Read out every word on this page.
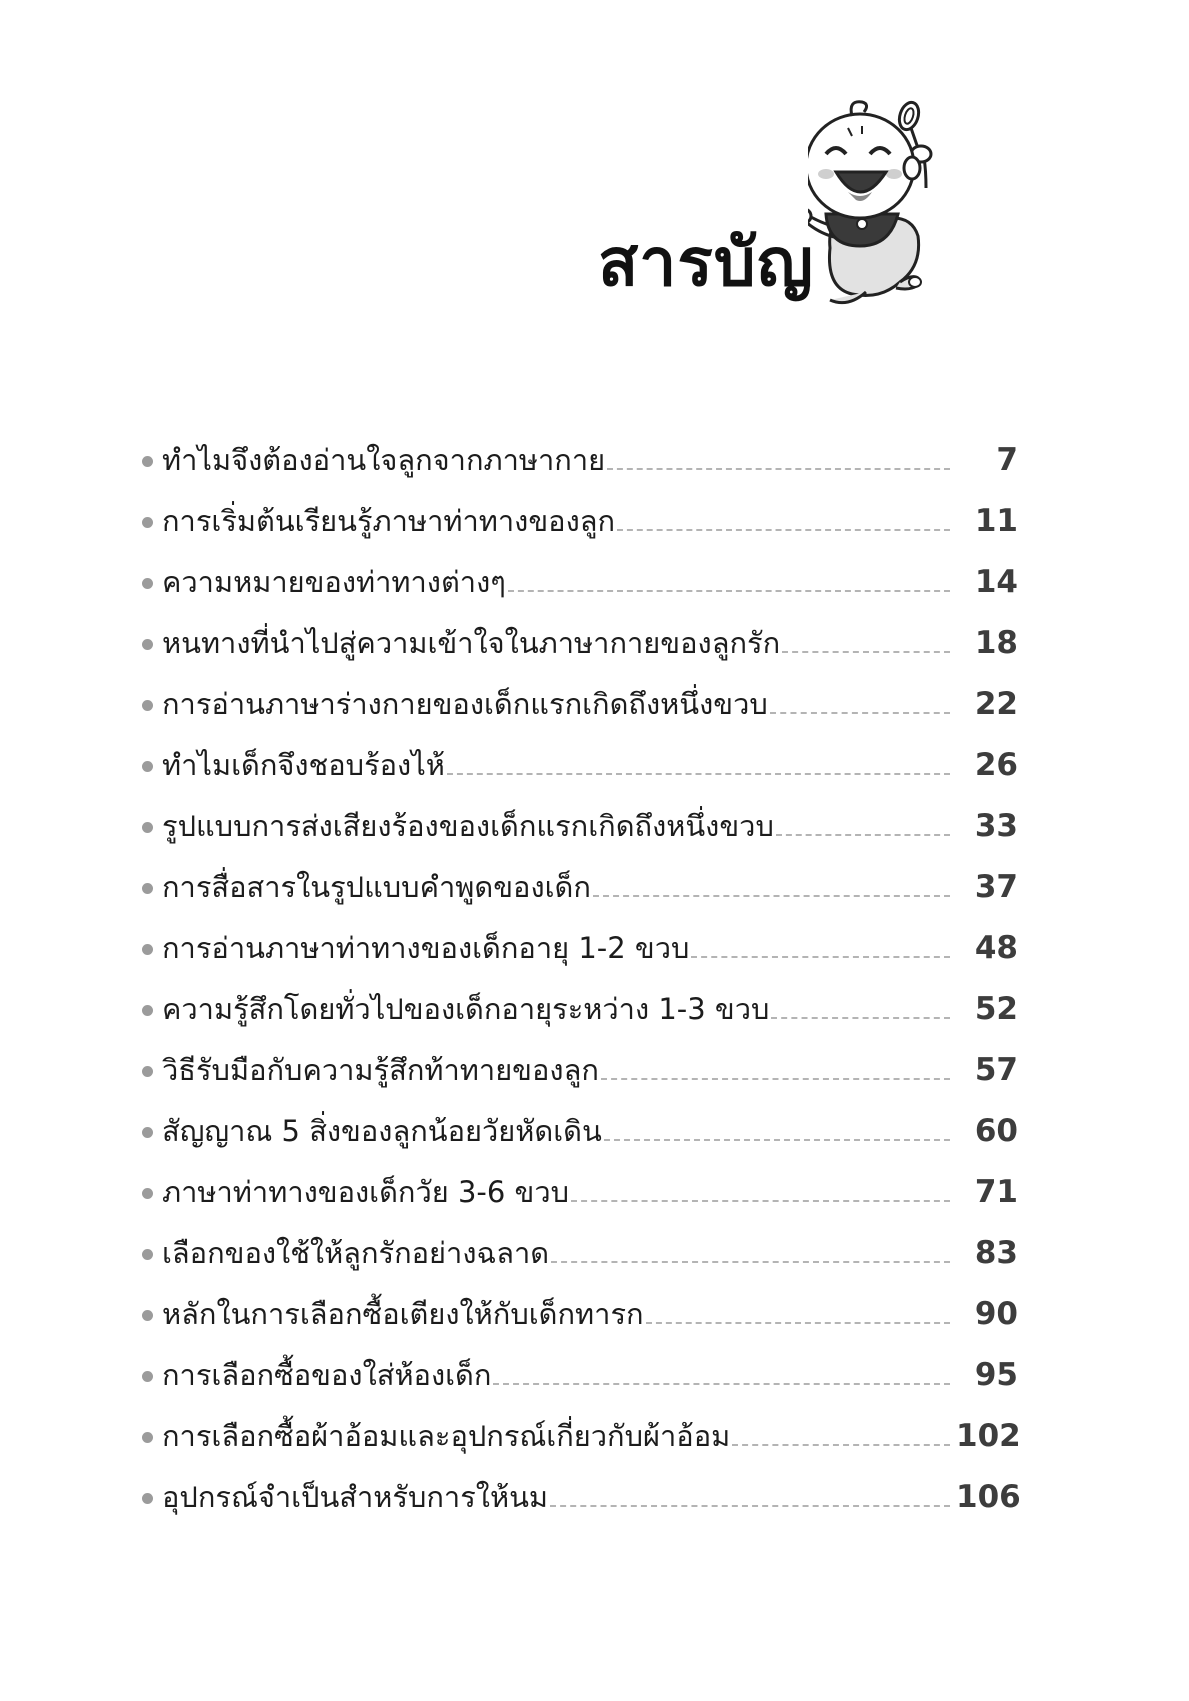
สารบัญ
ทำไมจึงต้องอ่านใจลูกจากภาษากาย	7
การเริ่มต้นเรียนรู้ภาษาท่าทางของลูก	11
ความหมายของท่าทางต่างๆ	14
หนทางที่นำไปสู่ความเข้าใจในภาษากายของลูกรัก	18
การอ่านภาษาร่างกายของเด็กแรกเกิดถึงหนึ่งขวบ	22
ทำไมเด็กจึงชอบร้องไห้	26
รูปแบบการส่งเสียงร้องของเด็กแรกเกิดถึงหนึ่งขวบ	33
การสื่อสารในรูปแบบคำพูดของเด็ก	37
การอ่านภาษาท่าทางของเด็กอายุ 1-2 ขวบ	48
ความรู้สึกโดยทั่วไปของเด็กอายุระหว่าง 1-3 ขวบ	52
วิธีรับมือกับความรู้สึกท้าทายของลูก	57
สัญญาณ 5 สิ่งของลูกน้อยวัยหัดเดิน	60
ภาษาท่าทางของเด็กวัย 3-6 ขวบ	71
เลือกของใช้ให้ลูกรักอย่างฉลาด	83
หลักในการเลือกซื้อเตียงให้กับเด็กทารก	90
การเลือกซื้อของใส่ห้องเด็ก	95
การเลือกซื้อผ้าอ้อมและอุปกรณ์เกี่ยวกับผ้าอ้อม	102
อุปกรณ์จำเป็นสำหรับการให้นม	106
